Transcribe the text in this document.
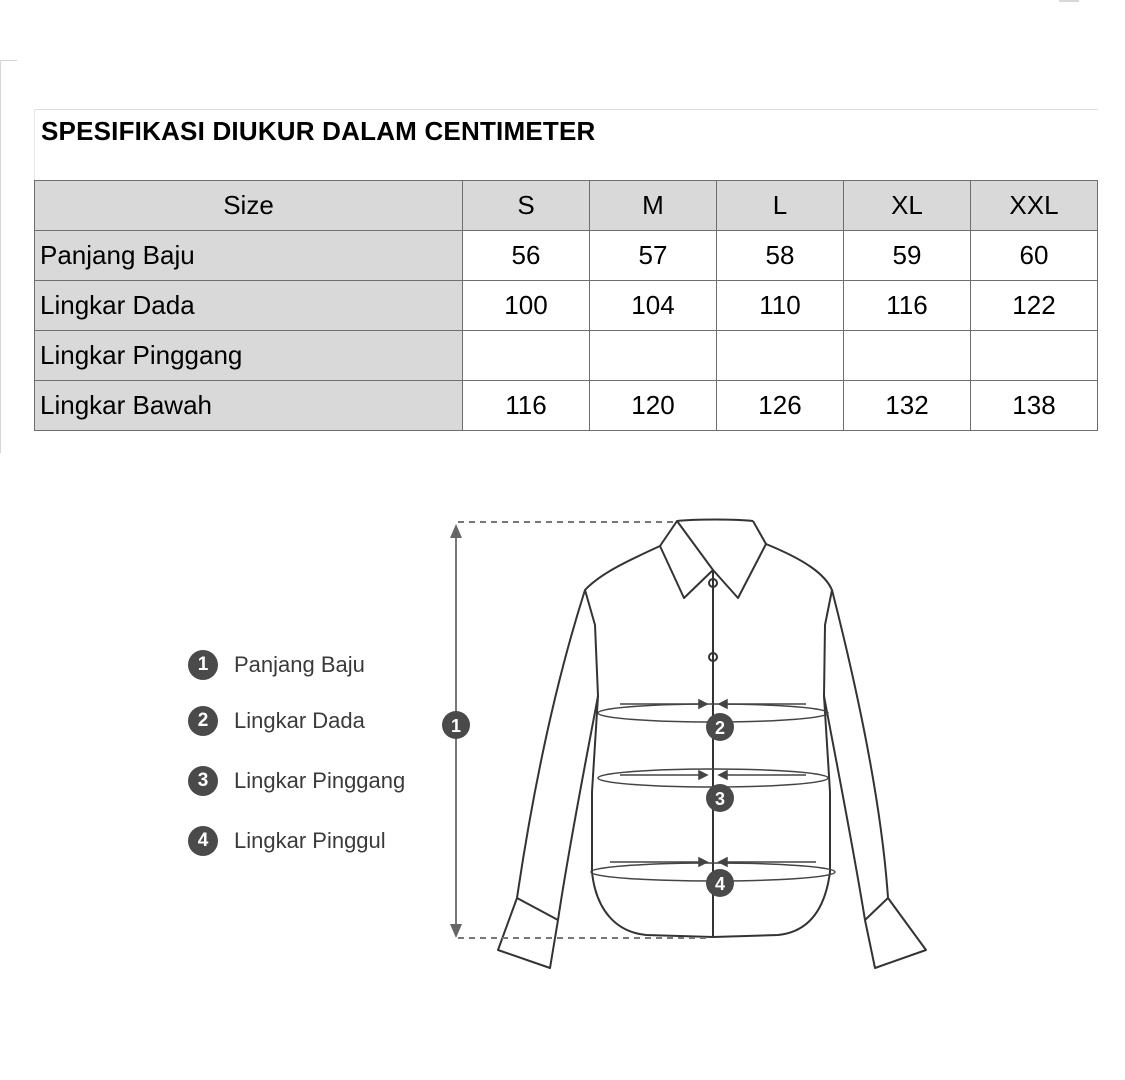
SPESIFIKASI DIUKUR DALAM CENTIMETER
Size	S	M	L	XL	XXL
Panjang Baju	56	57	58	59	60
Lingkar Dada	100	104	110	116	122
Lingkar Pinggang					
Lingkar Bawah	116	120	126	132	138
1	Panjang Baju
2	Lingkar Dada
3	Lingkar Pinggang
4	Lingkar Pinggul
1	2
3
4
